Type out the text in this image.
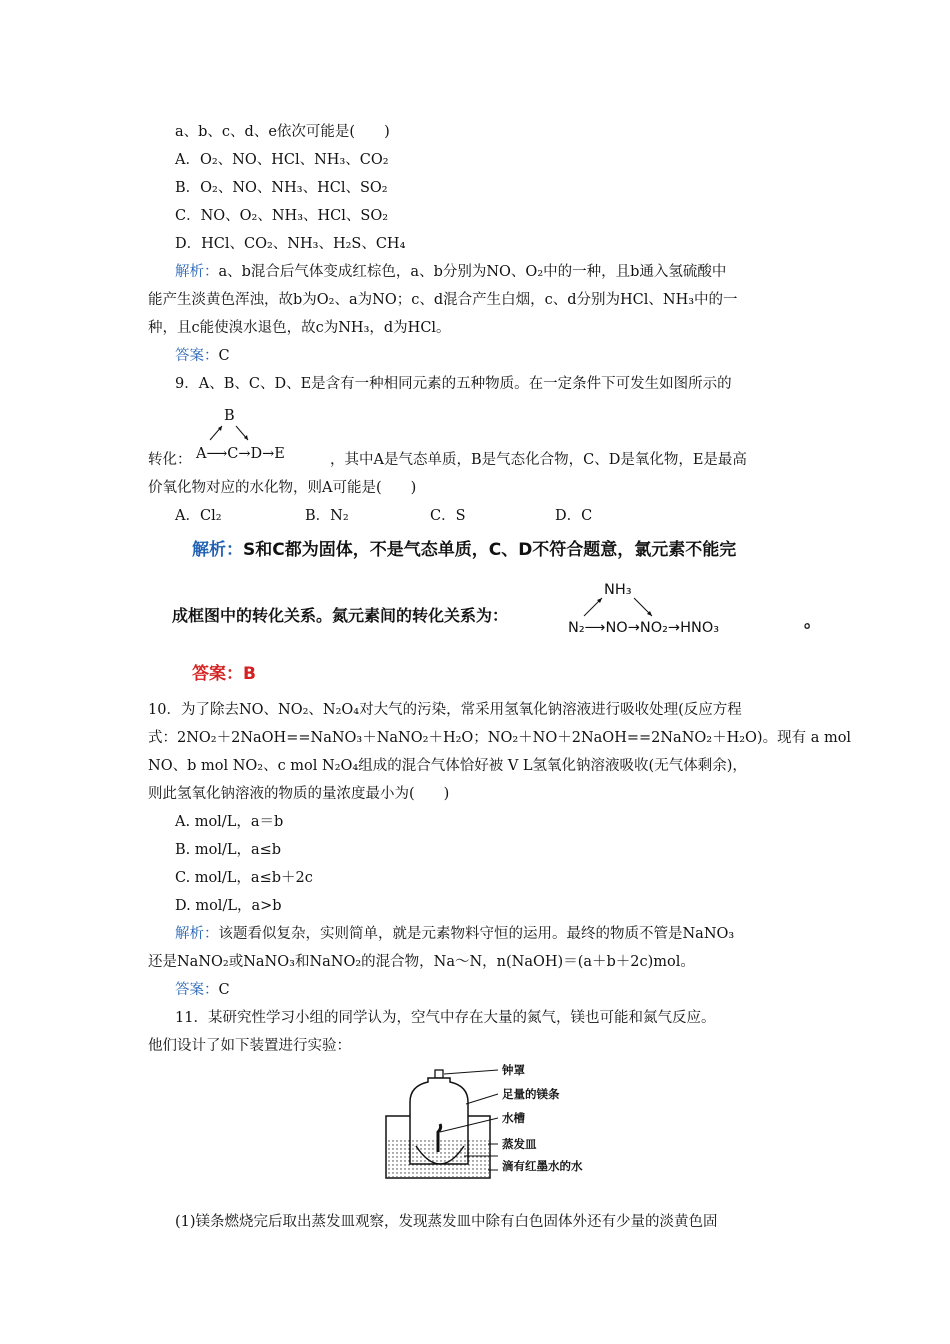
a、b、c、d、e依次可能是(　　)
A．O₂、NO、HCl、NH₃、CO₂
B．O₂、NO、NH₃、HCl、SO₂
C．NO、O₂、NH₃、HCl、SO₂
D．HCl、CO₂、NH₃、H₂S、CH₄
解析：a、b混合后气体变成红棕色，a、b分别为NO、O₂中的一种，且b通入氢硫酸中
能产生淡黄色浑浊，故b为O₂、a为NO；c、d混合产生白烟，c、d分别为HCl、NH₃中的一
种，且c能使溴水退色，故c为NH₃，d为HCl。
答案：C
9．A、B、C、D、E是含有一种相同元素的五种物质。在一定条件下可发生如图所示的
转化：
B
A⟶C→D→E	，其中A是气态单质，B是气态化合物，C、D是氧化物，E是最高
价氧化物对应的水化物，则A可能是(　　)
A．Cl₂	B．N₂	C．S	D．C
解析：S和C都为固体，不是气态单质，C、D不符合题意，氯元素不能完
成框图中的转化关系。氮元素间的转化关系为：
NH₃
N₂⟶NO→NO₂→HNO₃	。
答案：B
10．为了除去NO、NO₂、N₂O₄对大气的污染，常采用氢氧化钠溶液进行吸收处理(反应方程
式：2NO₂＋2NaOH==NaNO₃＋NaNO₂＋H₂O；NO₂＋NO＋2NaOH==2NaNO₂＋H₂O)。现有 a mol
NO、b mol NO₂、c mol N₂O₄组成的混合气体恰好被 V L氢氧化钠溶液吸收(无气体剩余)，
则此氢氧化钠溶液的物质的量浓度最小为(　　)
A. mol/L，a＝b
B. mol/L，a≤b
C. mol/L，a≤b＋2c
D. mol/L，a>b
解析：该题看似复杂，实则简单，就是元素物料守恒的运用。最终的物质不管是NaNO₃
还是NaNO₂或NaNO₃和NaNO₂的混合物，Na～N，n(NaOH)＝(a＋b＋2c)mol。
答案：C
11．某研究性学习小组的同学认为，空气中存在大量的氮气，镁也可能和氮气反应。
他们设计了如下装置进行实验：
钟罩
足量的镁条
水槽
蒸发皿
滴有红墨水的水
(1)镁条燃烧完后取出蒸发皿观察，发现蒸发皿中除有白色固体外还有少量的淡黄色固
